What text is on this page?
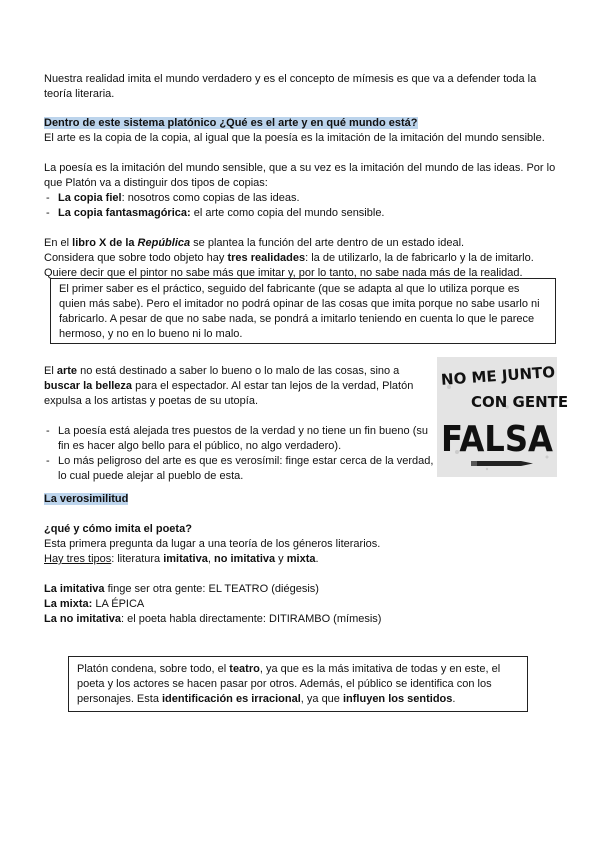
Nuestra realidad imita el mundo verdadero y es el concepto de mímesis es que va a defender toda la teoría literaria.

Dentro de este sistema platónico ¿Qué es el arte y en qué mundo está?

El arte es la copia de la copia, al igual que la poesía es la imitación de la imitación del mundo sensible.

La poesía es la imitación del mundo sensible, que a su vez es la imitación del mundo de las ideas. Por lo que Platón va a distinguir dos tipos de copias:

- La copia fiel: nosotros como copias de las ideas.
- La copia fantasmagórica: el arte como copia del mundo sensible.

En el libro X de la República se plantea la función del arte dentro de un estado ideal.

Considera que sobre todo objeto hay tres realidades: la de utilizarlo, la de fabricarlo y la de imitarlo.

Quiere decir que el pintor no sabe más que imitar y, por lo tanto, no sabe nada más de la realidad.

El primer saber es el práctico, seguido del fabricante (que se adapta al que lo utiliza porque es quien más sabe). Pero el imitador no podrá opinar de las cosas que imita porque no sabe usarlo ni fabricarlo. A pesar de que no sabe nada, se pondrá a imitarlo teniendo en cuenta lo que le parece hermoso, y no en lo bueno ni lo malo.

El arte no está destinado a saber lo bueno o lo malo de las cosas, sino a buscar la belleza para el espectador. Al estar tan lejos de la verdad, Platón expulsa a los artistas y poetas de su utopía.

- La poesía está alejada tres puestos de la verdad y no tiene un fin bueno (su fin es hacer algo bello para el público, no algo verdadero).
- Lo más peligroso del arte es que es verosímil: finge estar cerca de la verdad, lo cual puede alejar al pueblo de esta.
NO ME JUNTO
CON GENTE
FALSA

La verosimilitud

¿qué y cómo imita el poeta?

Esta primera pregunta da lugar a una teoría de los géneros literarios.

Hay tres tipos: literatura imitativa, no imitativa y mixta.

La imitativa finge ser otra gente: EL TEATRO (diégesis)

La mixta: LA ÉPICA

La no imitativa: el poeta habla directamente: DITIRAMBO (mímesis)

Platón condena, sobre todo, el teatro, ya que es la más imitativa de todas y en este, el poeta y los actores se hacen pasar por otros. Además, el público se identifica con los personajes. Esta identificación es irracional, ya que influyen los sentidos.
